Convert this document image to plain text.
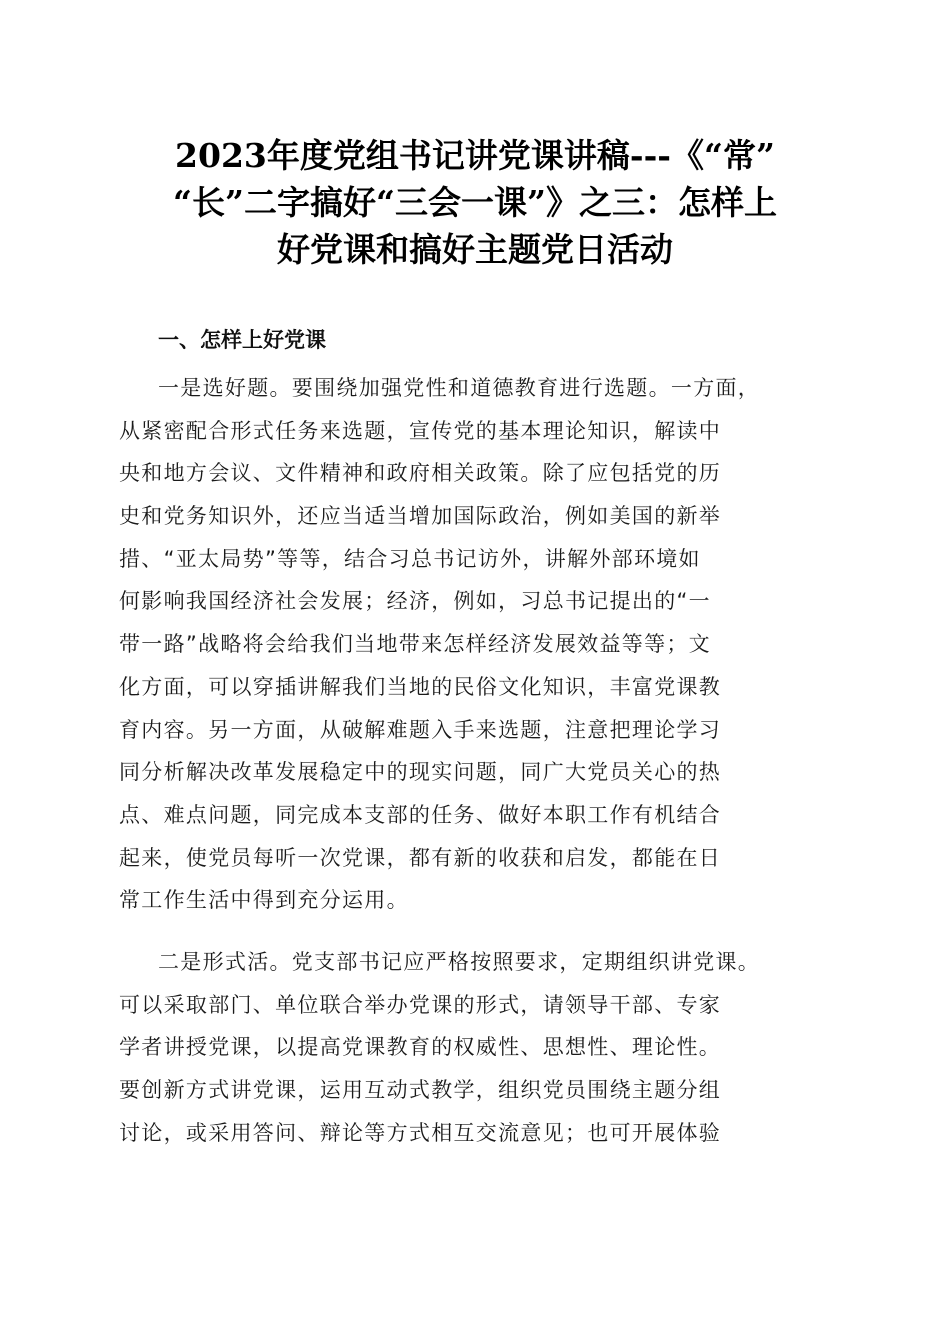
2023年度党组书记讲党课讲稿---《“常”
“长”二字搞好“三会一课”》之三：怎样上
好党课和搞好主题党日活动
一、怎样上好党课
一是选好题。要围绕加强党性和道德教育进行选题。一方面，
从紧密配合形式任务来选题，宣传党的基本理论知识，解读中
央和地方会议、文件精神和政府相关政策。除了应包括党的历
史和党务知识外，还应当适当增加国际政治，例如美国的新举
措、“亚太局势”等等，结合习总书记访外，讲解外部环境如
何影响我国经济社会发展；经济，例如，习总书记提出的“一
带一路”战略将会给我们当地带来怎样经济发展效益等等；文
化方面，可以穿插讲解我们当地的民俗文化知识，丰富党课教
育内容。另一方面，从破解难题入手来选题，注意把理论学习
同分析解决改革发展稳定中的现实问题，同广大党员关心的热
点、难点问题，同完成本支部的任务、做好本职工作有机结合
起来，使党员每听一次党课，都有新的收获和启发，都能在日
常工作生活中得到充分运用。
二是形式活。党支部书记应严格按照要求，定期组织讲党课。
可以采取部门、单位联合举办党课的形式，请领导干部、专家
学者讲授党课，以提高党课教育的权威性、思想性、理论性。
要创新方式讲党课，运用互动式教学，组织党员围绕主题分组
讨论，或采用答问、辩论等方式相互交流意见；也可开展体验
